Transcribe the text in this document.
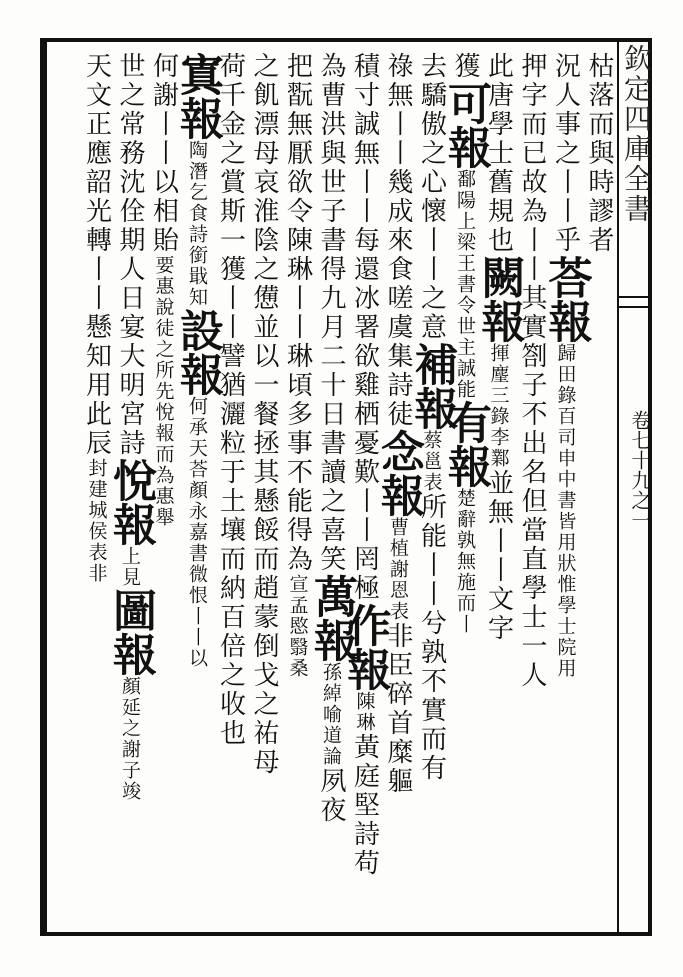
欽定四庫全書
卷七十九之一
枯落而與時謬者
況人事之丨丨乎荅報歸田錄百司申中書皆用狀惟學士院用
押字而已故為丨丨其實劄子不出名但當直學士一人
此唐學士舊規也闕報揮麈三錄李鄴並無丨丨文字
獲可報鄱陽上梁王書令世主誠能有報楚辭孰無施而丨
去驕傲之心懷丨丨之意補報蔡邕表所能丨丨兮孰不實而有
祿無丨丨幾成來食嗟虞集詩徒念報曹植謝恩表非臣碎首糜軀
積寸誠無丨丨每還冰署欲雞栖憂歎丨丨罔極作報陳琳黃庭堅詩苟
為曹洪與世子書得九月二十日書讀之喜笑萬報孫綽喻道論夙夜
把翫無厭欲令陳琳丨丨琳頃多事不能得為宣孟愍翳桑
之飢漂母哀淮陰之憊並以一餐拯其懸餒而趙蒙倒戈之祐母
荷千金之賞斯一獲丨丨譬猶灑粒于土壤而納百倍之收也
寘報陶潛乞食詩銜戢知設報何承天荅顏永嘉書微恨丨丨以
何謝丨丨以相貽要惠說徒之所先悅報而為惠舉
世之常務沈佺期人日宴大明宮詩悅報上見圖報顏延之謝子竣
天文正應韶光轉丨丨懸知用此辰封建城侯表非
